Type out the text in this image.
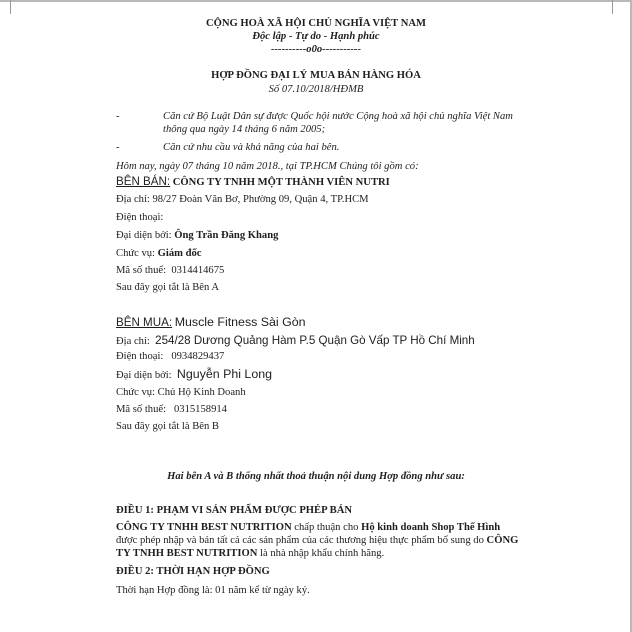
CỘNG HOÀ XÃ HỘI CHỦ NGHĨA VIỆT NAM
Độc lập - Tự do - Hạnh phúc
----------o0o-----------
HỢP ĐỒNG ĐẠI LÝ MUA BÁN HÀNG HÓA
Số 07.10/2018/HĐMB
-	Căn cứ Bộ Luật Dân sự được Quốc hội nước Cộng hoà xã hội chủ nghĩa Việt Nam
thông qua ngày 14 tháng 6 năm 2005;
-	Căn cứ nhu cầu và khả năng của hai bên.
Hôm nay, ngày 07 tháng 10 năm 2018., tại TP.HCM Chúng tôi gồm có:
BÊN BÁN: CÔNG TY TNHH MỘT THÀNH VIÊN NUTRI
Địa chỉ: 98/27 Đoàn Văn Bơ, Phường 09, Quận 4, TP.HCM
Điện thoại:
Đại diện bởi: Ông Trần Đăng Khang
Chức vụ: Giám đốc
Mã số thuế: 0314414675
Sau đây gọi tắt là Bên A
BÊN MUA: Muscle Fitness Sài Gòn
Địa chỉ: 254/28 Dương Quảng Hàm P.5 Quận Gò Vấp TP Hồ Chí Minh
Điện thoại: 0934829437
Đại diện bởi: Nguyễn Phi Long
Chức vụ: Chủ Hộ Kinh Doanh
Mã số thuế: 0315158914
Sau đây gọi tắt là Bên B
Hai bên A và B thống nhất thoả thuận nội dung Hợp đồng như sau:
ĐIỀU 1: PHẠM VI SẢN PHẨM ĐƯỢC PHÉP BÁN
CÔNG TY TNHH BEST NUTRITION chấp thuận cho Hộ kinh doanh Shop Thể Hình
được phép nhập và bán tất cả các sản phẩm của các thương hiệu thực phẩm bổ sung do CÔNG
TY TNHH BEST NUTRITION là nhà nhập khẩu chính hãng.
ĐIỀU 2: THỜI HẠN HỢP ĐỒNG
Thời hạn Hợp đồng là: 01 năm kể từ ngày ký.
